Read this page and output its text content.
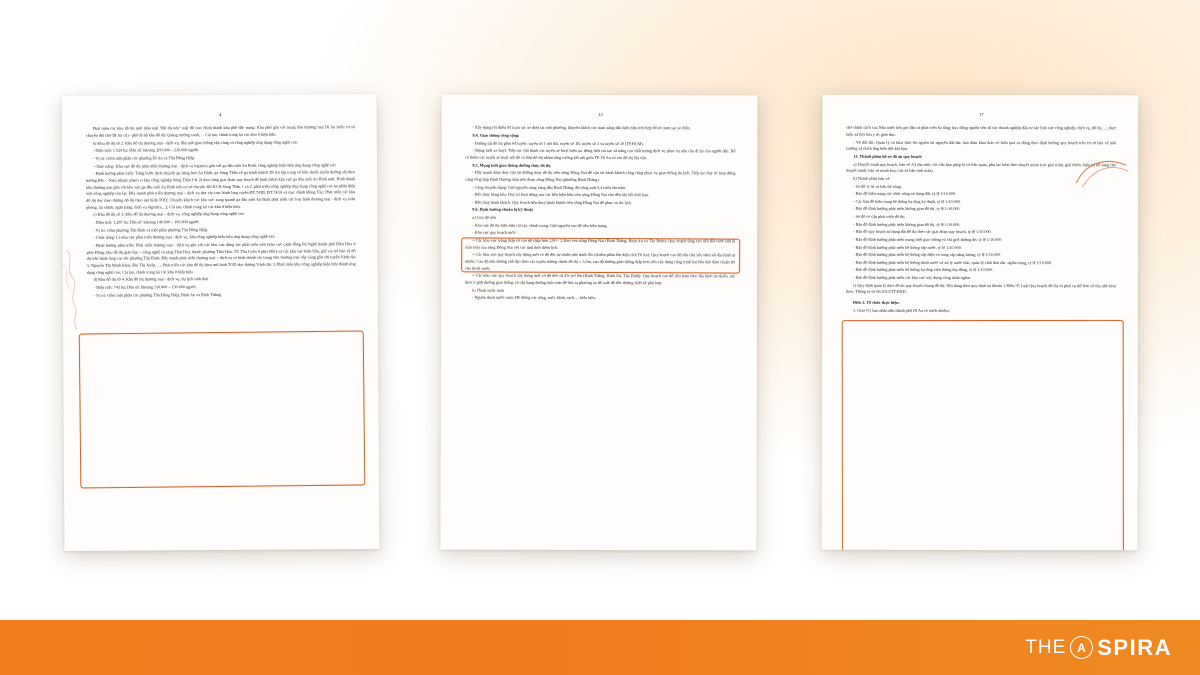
4

Phát triển các khu đô thị mới thân mật "Đô thị nén" mật độ cao; Hình thành khu phố đặc trưng: Khu phố gắn với trung tâm thương mại Dĩ An (trên cơ sở chuyển đổi chợ Dĩ An cũ) - phố đi bộ khu đô thị Quảng trường xanh, ... Cải tạo, chỉnh trang lại các khu ở hiện hữu.

b) Khu đô thị số 2: Khu đô thị thương mại - dịch vụ, đầu mối giao thông cấp vùng và công nghiệp ứng dụng công nghệ cao.

- Diện tích: 1.529 ha; Dân số: khoảng 200.000 – 210.000 người.

- Vị trí: Gồm một phần các phường Dĩ An và Tân Đông Hiệp.

- Chức năng: Khu vực đô thị phát triển thương mại - dịch vụ logistics gắn với ga đầu mối An Bình, công nghiệp hiện hữu ứng dụng công nghệ cao.

- Định hướng phát triển: Từng bước dịch chuyển ga hàng hoá An Bình, ga Sóng Thần về ga hành khách Dĩ An tập trung về bến chuỗi tuyến đường sắt theo hướng Bắc – Nam (thuộc phạm vi khu công nghiệp Sóng Thần I & 2) theo từng giai đoạn quy hoạch để hình thành khu vực ga đầu mối An Bình mới. Hình thành khu thương mại gắn với khu vực ga đầu mối An Bình trên cơ sở chuyển đổi KCN Sóng Thần 1 và 2, phát triển công nghiệp ứng dụng công nghệ cao tại phần diện tích công nghiệp còn lại; Đẩy mạnh phát triển thương mại – dịch vụ dọc các trục hành lang tuyến ĐT.743B, ĐT.743A và trục chính Đông Tây; Phát triển các khu đô thị dọc theo đường đô thị theo mô hình TOD; Chuyển khích các khu vực xung quanh ga đầu mối An Bình phát triển các loại hình thương mại - dịch vụ (văn phòng, tài chính, ngân hàng, dịch vụ logistics,...); Cải tạo, chỉnh trang lại các khu ở hiện hữu.

c) Khu đô thị số 3: Khu đô thị thương mại – dịch vụ, công nghiệp ứng dụng công nghệ cao.

- Diện tích: 1.287 ha; Dân số: khoảng 140.000 – 160.000 người.

- Vị trí: Gồm phường Tân Bình và một phần phường Tân Đông Hiệp.

- Chức năng: Là khu vực phát triển thương mại - dịch vụ, khu công nghiệp hiện hữu ứng dụng công nghệ cao.

- Định hướng phát triển: Phát triển thương mại - dịch vụ gắn với các khu vực động lực phát triển mới (khu vực cảnh đồng Bà Nghệ thành phố Biên Hòa ở phía Đông; khu đô thị giáo dục – công nghệ và sáng Thái Hoà, thuộc phường Thái Hoà, TP. Tân Uyên ở phía Bắc) và các khu vực hiện hữu, giữ vai trò bảo vệ đô thị trên hành lang cao tốc phường Tân Bình; Đẩy mạnh phát triển thương mại – dịch vụ và hình thành các trung tâm thương mại cấp vùng gắn với tuyến Vành đai 3, Nguyễn Thị Minh Khai, Bùi Thị Xuân, ...; Phát triển các khu đô thị theo mô hình TOD dọc đường Vành đai 3; Phát triển khu công nghiệp hiện hữu thành ứng dụng công nghệ cao; Cải tạo, chỉnh trang lại các khu ở hiện hữu.

d) Khu đô thị số 4: Khu đô thị thương mại - dịch vụ, du lịch sinh thái.

- Diện tích: 743 ha; Dân số: khoảng 110.000 – 130.000 người.

- Vị trí: Gồm một phần các phường Tân Đông Hiệp, Bình An và Bình Thắng.

12

- Xây dựng tối thiểu 05 trạm sạc xe điện tại mỗi phường, khuyến khích các trạm xăng dầu hiện hữu tích hợp bổ trí trạm sạc xe điện.

9.4. Giao thông công cộng:

- Đường sắt đô thị gồm 04 tuyến: tuyến số 1 nối dài, tuyến số 1B, tuyến số 3 và tuyến số 10 (TP.HCM).

- Mạng lưới xe buýt: Tiếp tục vận hành các tuyến xe buýt hiện tại, đồng thời cải tạo và nâng cao chất lượng dịch vụ phục vụ nhu cầu đi lại của người dân. Bổ trí thêm các tuyến xe buýt nối đô và liên đô thị nhằm tăng cường kết nối giữa TP. Dĩ An và các đô thị lân cận.

9.5. Mạng lưới giao thông đường thủy đô thị

- Đầy mạnh khai thác vận tải đường thủy đô thị trên sông Đồng Nai để vận tải hành khách công cộng phục vụ giao thông du lịch. Tiếp tục duy trì hoạt động cảng tổng hợp Bình Dương nằm trên đoạn sông Đồng Nai (phường Bình Thắng).

- Cảng chuyên dụng: Giữ nguyên cảng xăng dầu Bình Thắng, độ công suất 0,4 triệu tấn/năm.

- Bến thủy hàng hóa: Duy trì hoạt động của các bến hiện hữu trên sông Đồng Nai cho đến khi hết thời hạn.

- Bến thuỷ hành khách: Quy hoạch bến thuỷ hành khách trên sông Đồng Nai để phục vụ du lịch.

9.6. Định hướng chuẩn bị kỹ thuật

a) Cao độ nền

- Khu vực đô thị hiện hữu cải tạo, chỉnh trang: Giữ nguyên cao độ nền hiện trạng.

- Khu vực quy hoạch mới:

+ Các khu vực trũng thấp có cao độ thấp hơn 2,00 - 2,50m ven sông Đồng Nai (Bình Thắng, Bình An và Tân Bình): Quy hoạch tầng cao nền đất vượt ảnh lũ tính toán của sông Đồng Nai với các tính thời điểm lịch.

+ Các khu vực quy hoạch xây dựng mới có độ dốc tự nhiên nhỏ dưới 4% (chiếm phần lớn diện tích Dĩ An): Quy hoạch cao độ nền chủ yếu bám sát địa hình tự nhiên; Cao độ nền không chế đạo theo các tuyến đường chính đô thị ≥ 3,0m, cao độ đường giao thông thấp hơn nền xây dựng công trình hai bên bảo đảm thuận lợi cho thoát nước.

+ Các khu vực quy hoạch xây dựng mới có độ dốc từ 4% trở lên (Bình Thắng, Bình An, Tân Bình): Quy hoạch cao độ nền bám theo địa hình tự nhiên, tuỳ theo tỉ giới đường giao thông và cấp hạng đường tính toán để đưa ra phương án đổ suất độ dốc đường thiết kế phù hợp.

b) Thoát nước mưa

- Nguồn thoát nước mưa: Hệ thống các sông, suối, kênh, rạch, ... hiện hữu.

17

chế chính sách của Nhà nước kêu gọi đầu tư phát triển hạ tầng; huy động nguồn vốn từ các doanh nghiệp đầu tư các lĩnh vực công nghiệp, dịch vụ, đô thị, ...; thực hiện xã hội hóa y tế, giáo dục.

- Về đất đai: Quản lý và khai thác tốt nguồn tài nguyên đất đai, bảo đảm khai thác có hiệu quả và đúng theo định hướng quy hoạch trên cơ sở bảo vệ môi trường và thích ứng biến đổi khí hậu.

13. Thành phần hồ sơ đồ án quy hoạch

a) Thuyết minh quy hoạch, bản vẽ A3 thu nhỏ, các văn bản pháp lý có liên quan, phụ lục kèm theo thuyết minh (các giải trình, giải thích, luận cứ bổ sung cho thuyết minh; bản vẽ minh hoạ; các số liệu tính toán).

b) Thành phần bản vẽ:

- Sơ đồ vị trí và liên hệ vùng.

- Bản đồ hiện trạng các chức năng sử dụng đất, tỷ lệ 1/10.000.

- Các bản đồ hiện trạng hệ thống hạ tầng kỹ thuật, tỷ lệ 1/10.000.

- Bản đồ định hướng phát triển không gian đô thị, tỷ lệ 1/10.000.

- Sơ đồ cơ cấu phát triển đô thị.

- Bản đồ định hướng phát triển không gian đô thị, tỷ lệ 1/10.000.

- Bản đồ quy hoạch sử dụng đất đô thị theo các giai đoạn quy hoạch, tỷ lệ 1/10.000.

- Bản đồ định hướng phát triển mạng lưới giao thông và chỉ giới đường đỏ, tỷ lệ 1/10.000.

- Bản đồ định hướng phát triển hệ thống cấp nước, tỷ lệ 1/10.000.

- Bản đồ định hướng phát triển hệ thống cấp điện và cung cấp năng lượng, tỷ lệ 1/10.000.

- Bản đồ định hướng phát triển hệ thống thoát nước và xử lý nước thải, quản lý chất thải rắn, nghĩa trang, tỷ lệ 1/10.000.

- Bản đồ định hướng phát triển hệ thống hạ tầng viễn thông thụ động, tỷ lệ 1/10.000.

- Bản đồ định hướng phát triển các khu vực xây dựng công trình ngầm.

c) Quy định quản lý theo đồ án quy hoạch chung đô thị: Nội dung theo quy định tại khoản 1 Điều 35 Luật Quy hoạch đô thị và phải cụ thể hơn về thu nhỏ kèm theo, Thông tư số 06/2013/TT-BXD.

Điều 2. Tổ chức thực hiện:

1. Giao Uỷ ban nhân dân thành phố Dĩ An có trách nhiệm:

THE A SPIRA
